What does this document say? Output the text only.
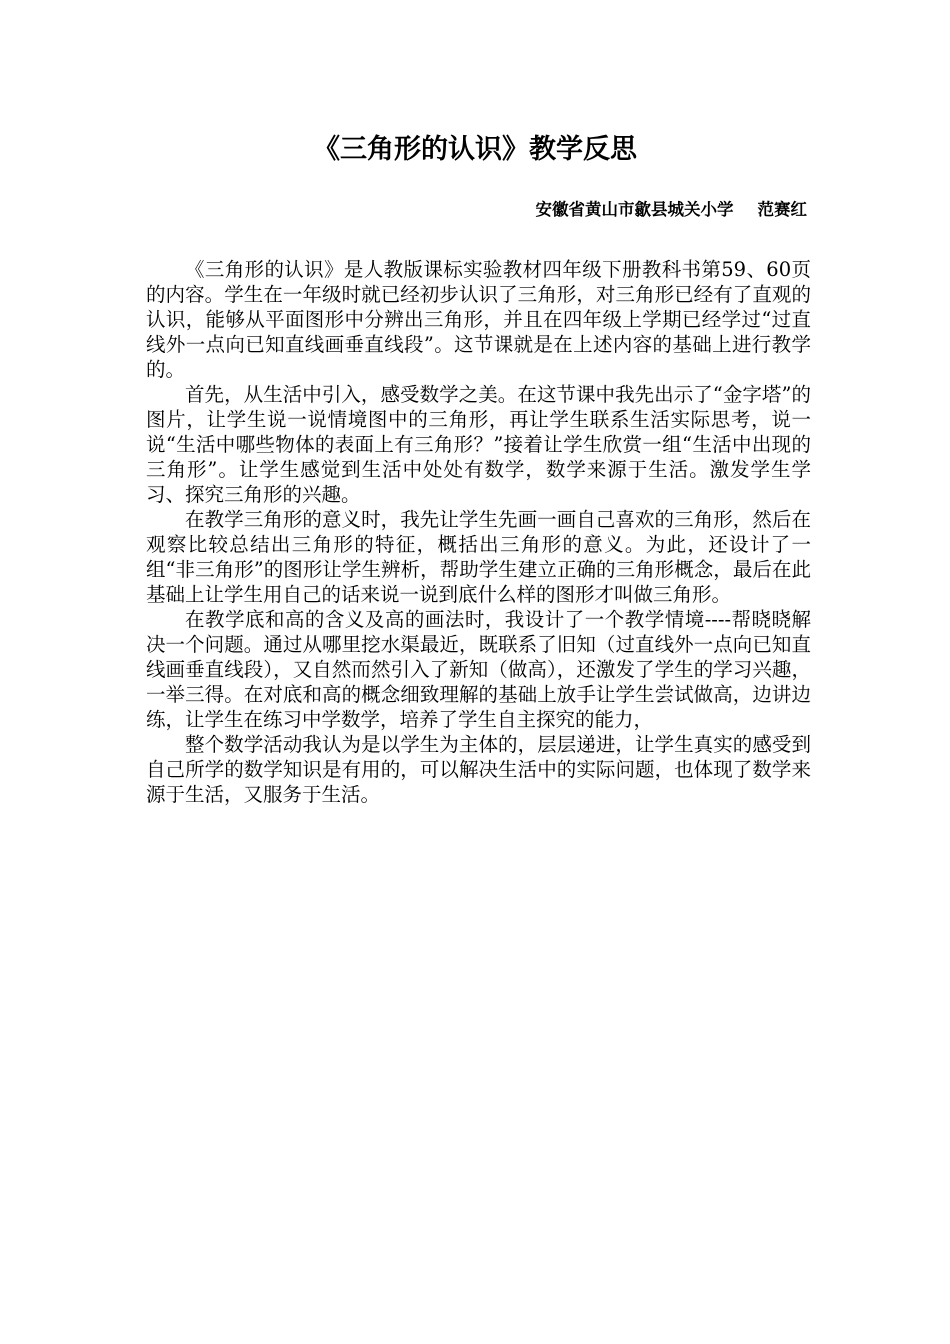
《三角形的认识》教学反思
安徽省黄山市歙县城关小学 范赛红

《三角形的认识》是人教版课标实验教材四年级下册教科书第59、60页的内容。学生在一年级时就已经初步认识了三角形，对三角形已经有了直观的认识，能够从平面图形中分辨出三角形，并且在四年级上学期已经学过“过直线外一点向已知直线画垂直线段”。这节课就是在上述内容的基础上进行教学的。

首先，从生活中引入，感受数学之美。在这节课中我先出示了“金字塔”的图片，让学生说一说情境图中的三角形，再让学生联系生活实际思考，说一说“生活中哪些物体的表面上有三角形？”接着让学生欣赏一组“生活中出现的三角形”。让学生感觉到生活中处处有数学，数学来源于生活。激发学生学习、探究三角形的兴趣。

在教学三角形的意义时，我先让学生先画一画自己喜欢的三角形，然后在观察比较总结出三角形的特征，概括出三角形的意义。为此，还设计了一组“非三角形”的图形让学生辨析，帮助学生建立正确的三角形概念，最后在此基础上让学生用自己的话来说一说到底什么样的图形才叫做三角形。

在教学底和高的含义及高的画法时，我设计了一个教学情境----帮晓晓解决一个问题。通过从哪里挖水渠最近，既联系了旧知（过直线外一点向已知直线画垂直线段），又自然而然引入了新知（做高），还激发了学生的学习兴趣，一举三得。在对底和高的概念细致理解的基础上放手让学生尝试做高，边讲边练，让学生在练习中学数学，培养了学生自主探究的能力，

整个数学活动我认为是以学生为主体的，层层递进，让学生真实的感受到自己所学的数学知识是有用的，可以解决生活中的实际问题，也体现了数学来源于生活，又服务于生活。
